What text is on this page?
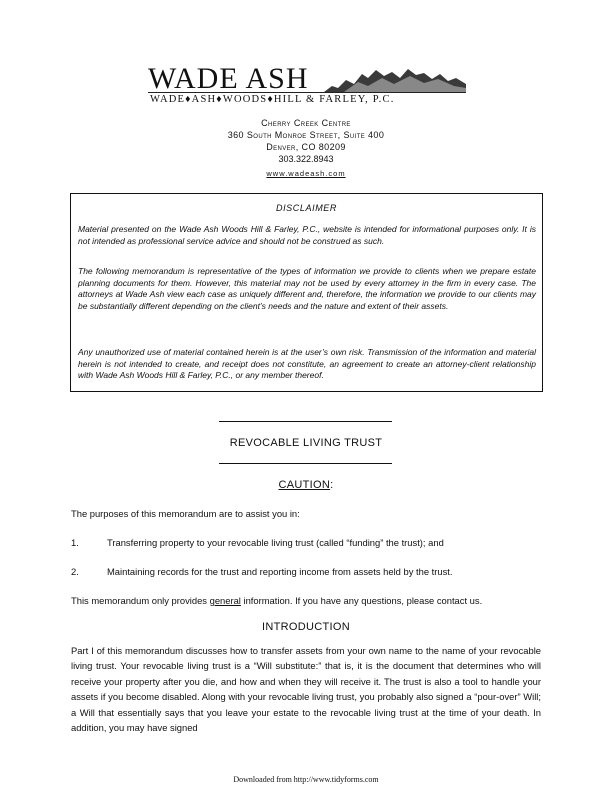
WADE ASH
WADE♦ASH♦WOODS♦HILL & FARLEY, P.C.
Cherry Creek Centre
360 South Monroe Street, Suite 400
Denver, CO 80209
303.322.8943
www.wadeash.com
DISCLAIMER

Material presented on the Wade Ash Woods Hill & Farley, P.C., website is intended for informational purposes only. It is not intended as professional service advice and should not be construed as such.

The following memorandum is representative of the types of information we provide to clients when we prepare estate planning documents for them. However, this material may not be used by every attorney in the firm in every case. The attorneys at Wade Ash view each case as uniquely different and, therefore, the information we provide to our clients may be substantially different depending on the client’s needs and the nature and extent of their assets.

Any unauthorized use of material contained herein is at the user’s own risk. Transmission of the information and material herein is not intended to create, and receipt does not constitute, an agreement to create an attorney-client relationship with Wade Ash Woods Hill & Farley, P.C., or any member thereof.

REVOCABLE LIVING TRUST
CAUTION:
The purposes of this memorandum are to assist you in:
1.	Transferring property to your revocable living trust (called “funding” the trust); and
2.	Maintaining records for the trust and reporting income from assets held by the trust.
This memorandum only provides general information. If you have any questions, please contact us.
INTRODUCTION

Part I of this memorandum discusses how to transfer assets from your own name to the name of your revocable living trust. Your revocable living trust is a “Will substitute:” that is, it is the document that determines who will receive your property after you die, and how and when they will receive it. The trust is also a tool to handle your assets if you become disabled. Along with your revocable living trust, you probably also signed a “pour-over” Will; a Will that essentially says that you leave your estate to the revocable living trust at the time of your death. In addition, you may have signed

Downloaded from http://www.tidyforms.com
